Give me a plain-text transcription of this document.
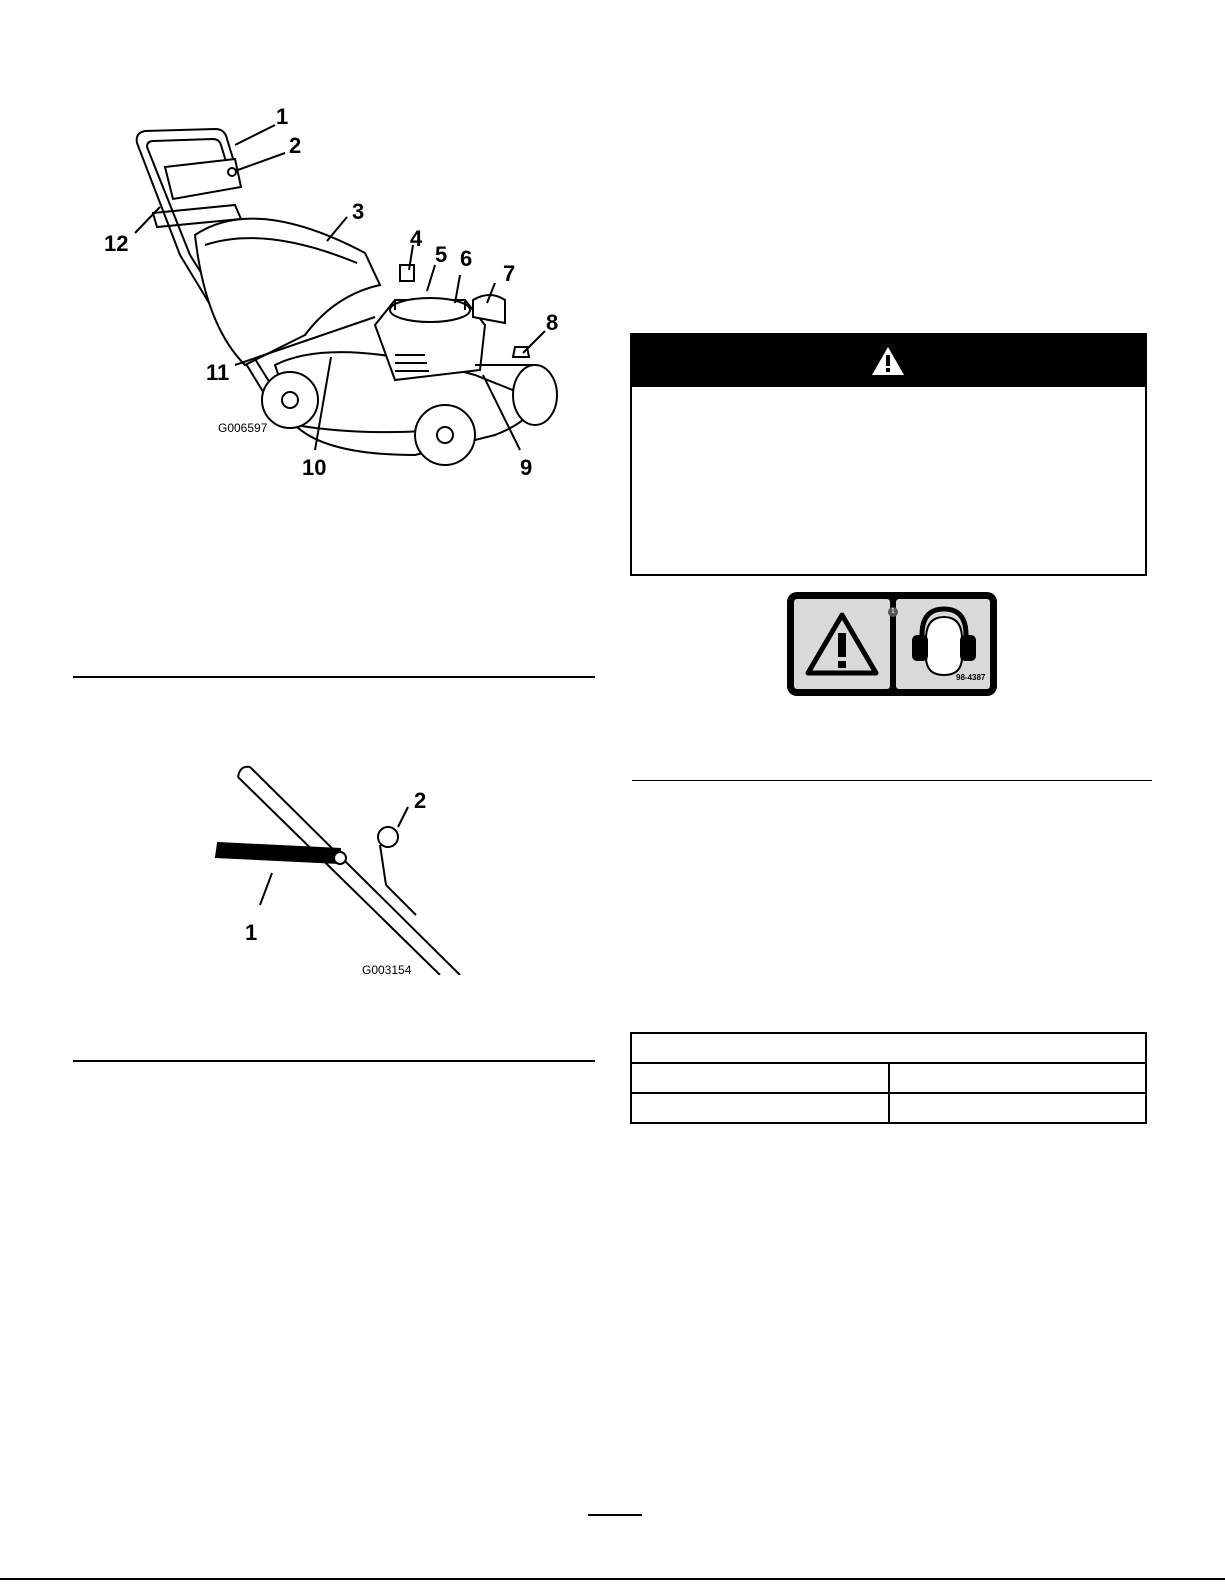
1
2
3
4
5 6
7
8
9
10
11
12
G006597
1
2
G003154
1
98-4387
